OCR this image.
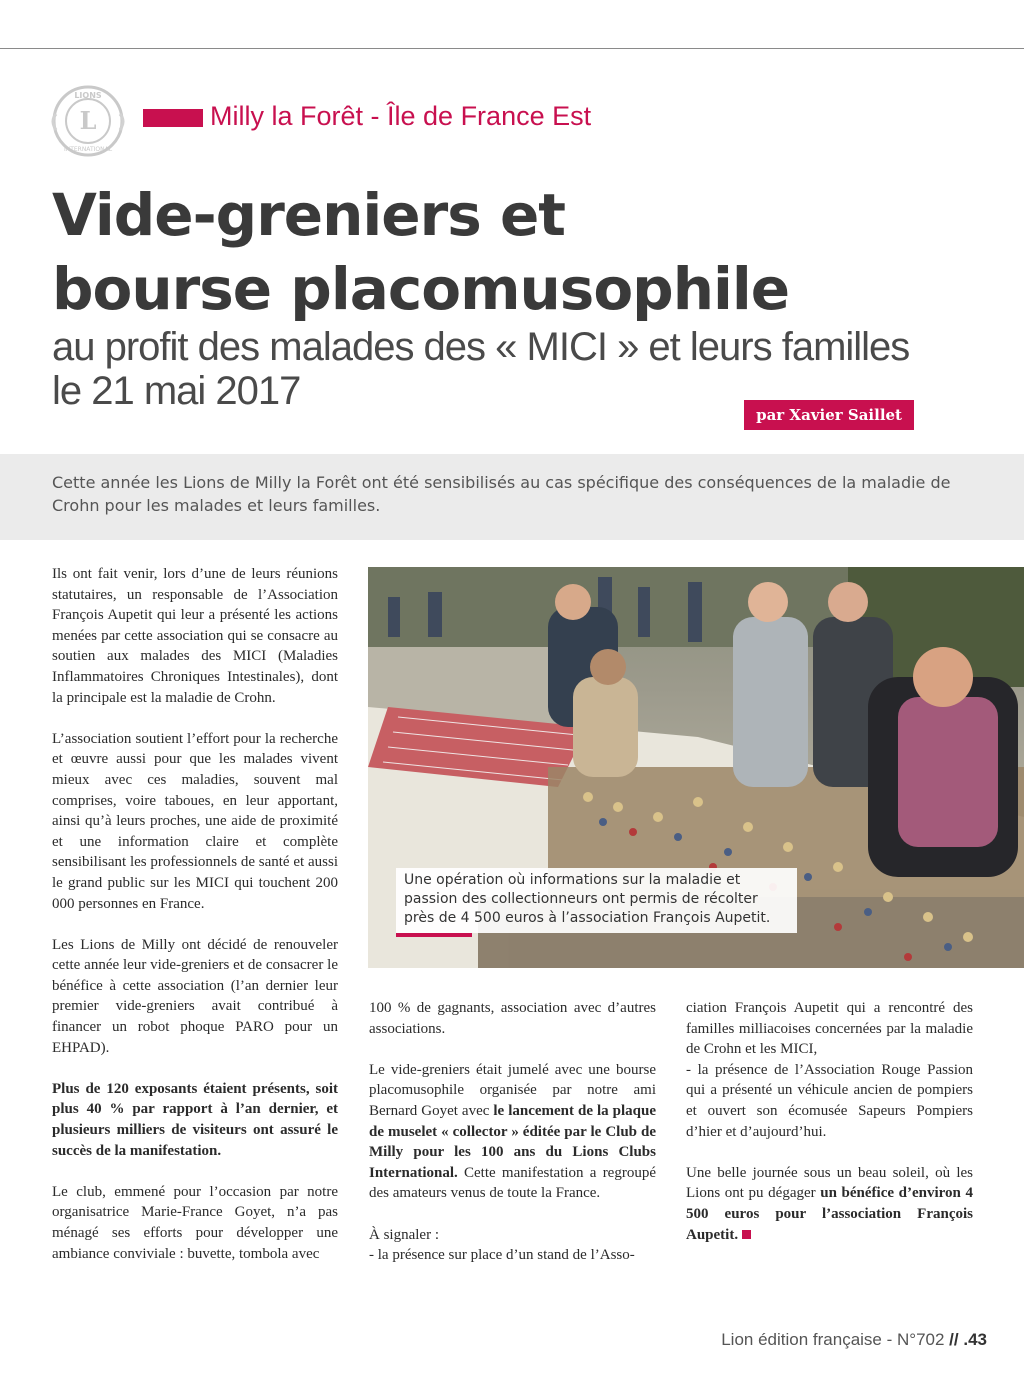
L
LIONS
INTERNATIONAL
Milly la Forêt - Île de France Est
Vide-greniers et
bourse placomusophile
au profit des malades des « MICI » et leurs familles
le 21 mai 2017
par Xavier Saillet

Cette année les Lions de Milly la Forêt ont été sensibilisés au cas spécifique des conséquences de la maladie de Crohn pour les malades et leurs familles.

Ils ont fait venir, lors d’une de leurs réunions statutaires, un responsable de l’Association François Aupetit qui leur a présenté les actions menées par cette association qui se consacre au soutien aux malades des MICI (Maladies Inflammatoires Chroniques Intestinales), dont la principale est la maladie de Crohn.

L’association soutient l’effort pour la recherche et œuvre aussi pour que les malades vivent mieux avec ces maladies, souvent mal comprises, voire taboues, en leur apportant, ainsi qu’à leurs proches, une aide de proximité et une information claire et complète sensibilisant les professionnels de santé et aussi le grand public sur les MICI qui touchent 200 000 personnes en France.

Les Lions de Milly ont décidé de renouveler cette année leur vide-greniers et de consacrer le bénéfice à cette association (l’an dernier leur premier vide-greniers avait contribué à financer un robot phoque PARO pour un EHPAD).

Plus de 120 exposants étaient présents, soit plus 40 % par rapport à l’an dernier, et plusieurs milliers de visiteurs ont assuré le succès de la manifestation.

Le club, emmené pour l’occasion par notre organisatrice Marie-France Goyet, n’a pas ménagé ses efforts pour développer une ambiance conviviale : buvette, tombola avec

Une opération où informations sur la maladie et passion des collectionneurs ont permis de récolter près de 4 500 euros à l’association François Aupetit.

100 % de gagnants, association avec d’autres associations.

Le vide-greniers était jumelé avec une bourse placomusophile organisée par notre ami Bernard Goyet avec le lancement de la plaque de muselet « collector » éditée par le Club de Milly pour les 100 ans du Lions Clubs International. Cette manifestation a regroupé des amateurs venus de toute la France.

À signaler :
- la présence sur place d’un stand de l’Asso-

ciation François Aupetit qui a rencontré des familles milliacoises concernées par la maladie de Crohn et les MICI,
- la présence de l’Association Rouge Passion qui a présenté un véhicule ancien de pompiers et ouvert son écomusée Sapeurs Pompiers d’hier et d’aujourd’hui.

Une belle journée sous un beau soleil, où les Lions ont pu dégager un bénéfice d’environ 4 500 euros pour l’association François Aupetit.

Lion édition française - N°702 // .43
